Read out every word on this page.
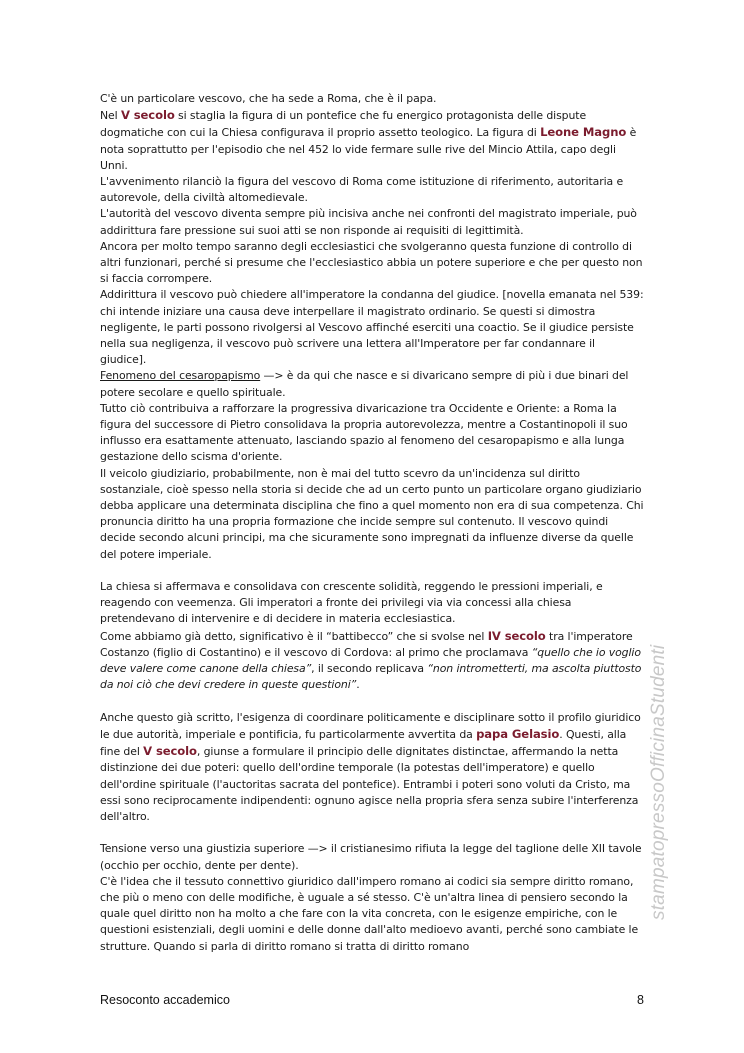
C'è un particolare vescovo, che ha sede a Roma, che è il papa.

Nel V secolo si staglia la figura di un pontefice che fu energico protagonista delle dispute dogmatiche con cui la Chiesa configurava il proprio assetto teologico. La figura di Leone Magno è nota soprattutto per l'episodio che nel 452 lo vide fermare sulle rive del Mincio Attila, capo degli Unni.

L'avvenimento rilanciò la figura del vescovo di Roma come istituzione di riferimento, autoritaria e autorevole, della civiltà altomedievale.

L'autorità del vescovo diventa sempre più incisiva anche nei confronti del magistrato imperiale, può addirittura fare pressione sui suoi atti se non risponde ai requisiti di legittimità.

Ancora per molto tempo saranno degli ecclesiastici che svolgeranno questa funzione di controllo di altri funzionari, perché si presume che l'ecclesiastico abbia un potere superiore e che per questo non si faccia corrompere.

Addirittura il vescovo può chiedere all'imperatore la condanna del giudice. [novella emanata nel 539: chi intende iniziare una causa deve interpellare il magistrato ordinario. Se questi si dimostra negligente, le parti possono rivolgersi al Vescovo affinché eserciti una coactio. Se il giudice persiste nella sua negligenza, il vescovo può scrivere una lettera all'Imperatore per far condannare il giudice].

Fenomeno del cesaropapismo —> è da qui che nasce e si divaricano sempre di più i due binari del potere secolare e quello spirituale.

Tutto ciò contribuiva a rafforzare la progressiva divaricazione tra Occidente e Oriente: a Roma la figura del successore di Pietro consolidava la propria autorevolezza, mentre a Costantinopoli il suo influsso era esattamente attenuato, lasciando spazio al fenomeno del cesaropapismo e alla lunga gestazione dello scisma d'oriente.

Il veicolo giudiziario, probabilmente, non è mai del tutto scevro da un'incidenza sul diritto sostanziale, cioè spesso nella storia si decide che ad un certo punto un particolare organo giudiziario debba applicare una determinata disciplina che fino a quel momento non era di sua competenza. Chi pronuncia diritto ha una propria formazione che incide sempre sul contenuto. Il vescovo quindi decide secondo alcuni principi, ma che sicuramente sono impregnati da influenze diverse da quelle del potere imperiale.

La chiesa si affermava e consolidava con crescente solidità, reggendo le pressioni imperiali, e reagendo con veemenza. Gli imperatori a fronte dei privilegi via via concessi alla chiesa pretendevano di intervenire e di decidere in materia ecclesiastica.

Come abbiamo già detto, significativo è il “battibecco” che si svolse nel IV secolo tra l'imperatore Costanzo (figlio di Costantino) e il vescovo di Cordova: al primo che proclamava “quello che io voglio deve valere come canone della chiesa”, il secondo replicava “non intrometterti, ma ascolta piuttosto da noi ciò che devi credere in queste questioni”.

Anche questo già scritto, l'esigenza di coordinare politicamente e disciplinare sotto il profilo giuridico le due autorità, imperiale e pontificia, fu particolarmente avvertita da papa Gelasio. Questi, alla fine del V secolo, giunse a formulare il principio delle dignitates distinctae, affermando la netta distinzione dei due poteri: quello dell'ordine temporale (la potestas dell'imperatore) e quello dell'ordine spirituale (l'auctoritas sacrata del pontefice). Entrambi i poteri sono voluti da Cristo, ma essi sono reciprocamente indipendenti: ognuno agisce nella propria sfera senza subire l'interferenza dell'altro.

Tensione verso una giustizia superiore —> il cristianesimo rifiuta la legge del taglione delle XII tavole (occhio per occhio, dente per dente).

C'è l'idea che il tessuto connettivo giuridico dall'impero romano ai codici sia sempre diritto romano, che più o meno con delle modifiche, è uguale a sé stesso. C'è un'altra linea di pensiero secondo la quale quel diritto non ha molto a che fare con la vita concreta, con le esigenze empiriche, con le questioni esistenziali, degli uomini e delle donne dall'alto medioevo avanti, perché sono cambiate le strutture. Quando si parla di diritto romano si tratta di diritto romano

stampatopressoOfficinaStudenti
Resoconto accademico	8
